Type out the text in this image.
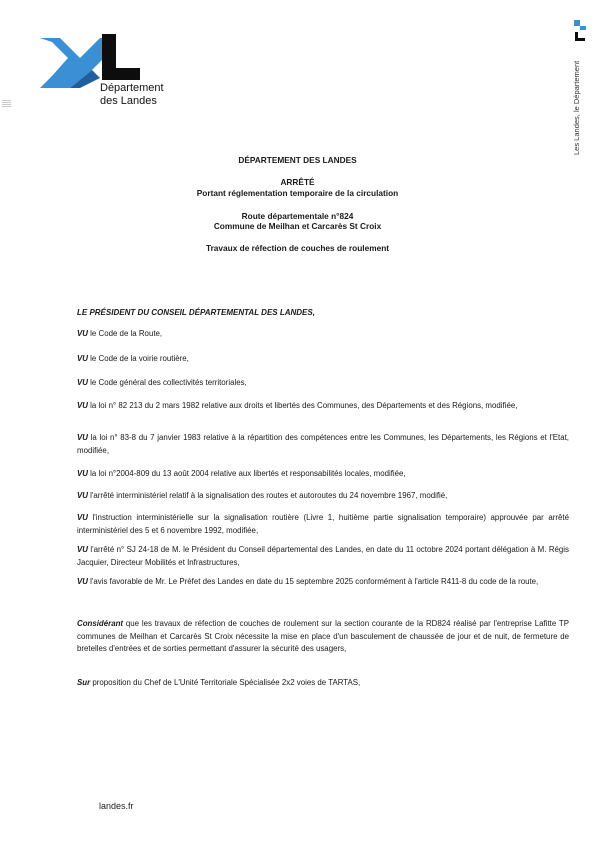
Département
des Landes	Les Landes, le Département
DÉPARTEMENT DES LANDES
ARRÊTÉ
Portant réglementation temporaire de la circulation
Route départementale n°824
Commune de Meilhan et Carcarès St Croix
Travaux de réfection de couches de roulement
LE PRÉSIDENT DU CONSEIL DÉPARTEMENTAL DES LANDES,
VU le Code de la Route,
VU le Code de la voirie routière,
VU le Code général des collectivités territoriales,
VU la loi n° 82 213 du 2 mars 1982 relative aux droits et libertés des Communes, des Départements et des Régions, modifiée,
VU la loi n° 83-8 du 7 janvier 1983 relative à la répartition des compétences entre les Communes, les Départements, les Régions et l'Etat, modifiée,
VU la loi n°2004-809 du 13 août 2004 relative aux libertés et responsabilités locales, modifiée,
VU l'arrêté interministériel relatif à la signalisation des routes et autoroutes du 24 novembre 1967, modifié,
VU l'instruction interministérielle sur la signalisation routière (Livre 1, huitième partie signalisation temporaire) approuvée par arrêté interministériel des 5 et 6 novembre 1992, modifiée,
VU l'arrêté n° SJ 24-18 de M. le Président du Conseil départemental des Landes, en date du 11 octobre 2024 portant délégation à M. Régis Jacquier, Directeur Mobilités et Infrastructures,
VU l'avis favorable de Mr. Le Préfet des Landes en date du 15 septembre 2025 conformément à l'article R411-8 du code de la route,
Considérant que les travaux de réfection de couches de roulement sur la section courante de la RD824 réalisé par l'entreprise Lafitte TP communes de Meilhan et Carcarès St Croix nécessite la mise en place d'un basculement de chaussée de jour et de nuit, de fermeture de bretelles d'entrées et de sorties permettant d'assurer la sécurité des usagers,
Sur proposition du Chef de L'Unité Territoriale Spécialisée 2x2 voies de TARTAS,
landes.fr
